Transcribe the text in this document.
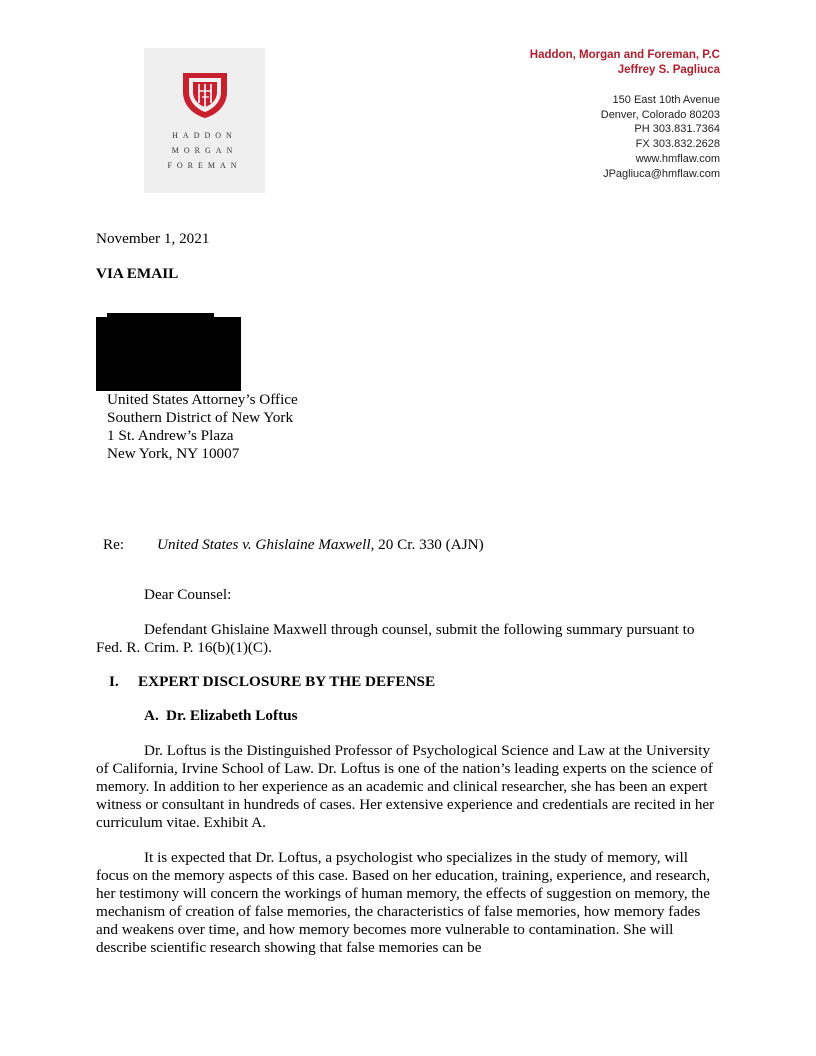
HADDON
MORGAN
FOREMAN
Haddon, Morgan and Foreman, P.C
Jeffrey S. Pagliuca
150 East 10th Avenue
Denver, Colorado 80203
PH 303.831.7364
FX 303.832.2628
www.hmflaw.com
JPagliuca@hmflaw.com
November 1, 2021
VIA EMAIL
United States Attorney’s Office
Southern District of New York
1 St. Andrew’s Plaza
New York, NY 10007
Re: United States v. Ghislaine Maxwell, 20 Cr. 330 (AJN)
Dear Counsel:
Defendant Ghislaine Maxwell through counsel, submit the following summary pursuant to Fed. R. Crim. P. 16(b)(1)(C).
I. EXPERT DISCLOSURE BY THE DEFENSE
A. Dr. Elizabeth Loftus
Dr. Loftus is the Distinguished Professor of Psychological Science and Law at the University of California, Irvine School of Law. Dr. Loftus is one of the nation’s leading experts on the science of memory. In addition to her experience as an academic and clinical researcher, she has been an expert witness or consultant in hundreds of cases. Her extensive experience and credentials are recited in her curriculum vitae. Exhibit A.
It is expected that Dr. Loftus, a psychologist who specializes in the study of memory, will focus on the memory aspects of this case. Based on her education, training, experience, and research, her testimony will concern the workings of human memory, the effects of suggestion on memory, the mechanism of creation of false memories, the characteristics of false memories, how memory fades and weakens over time, and how memory becomes more vulnerable to contamination. She will describe scientific research showing that false memories can be
